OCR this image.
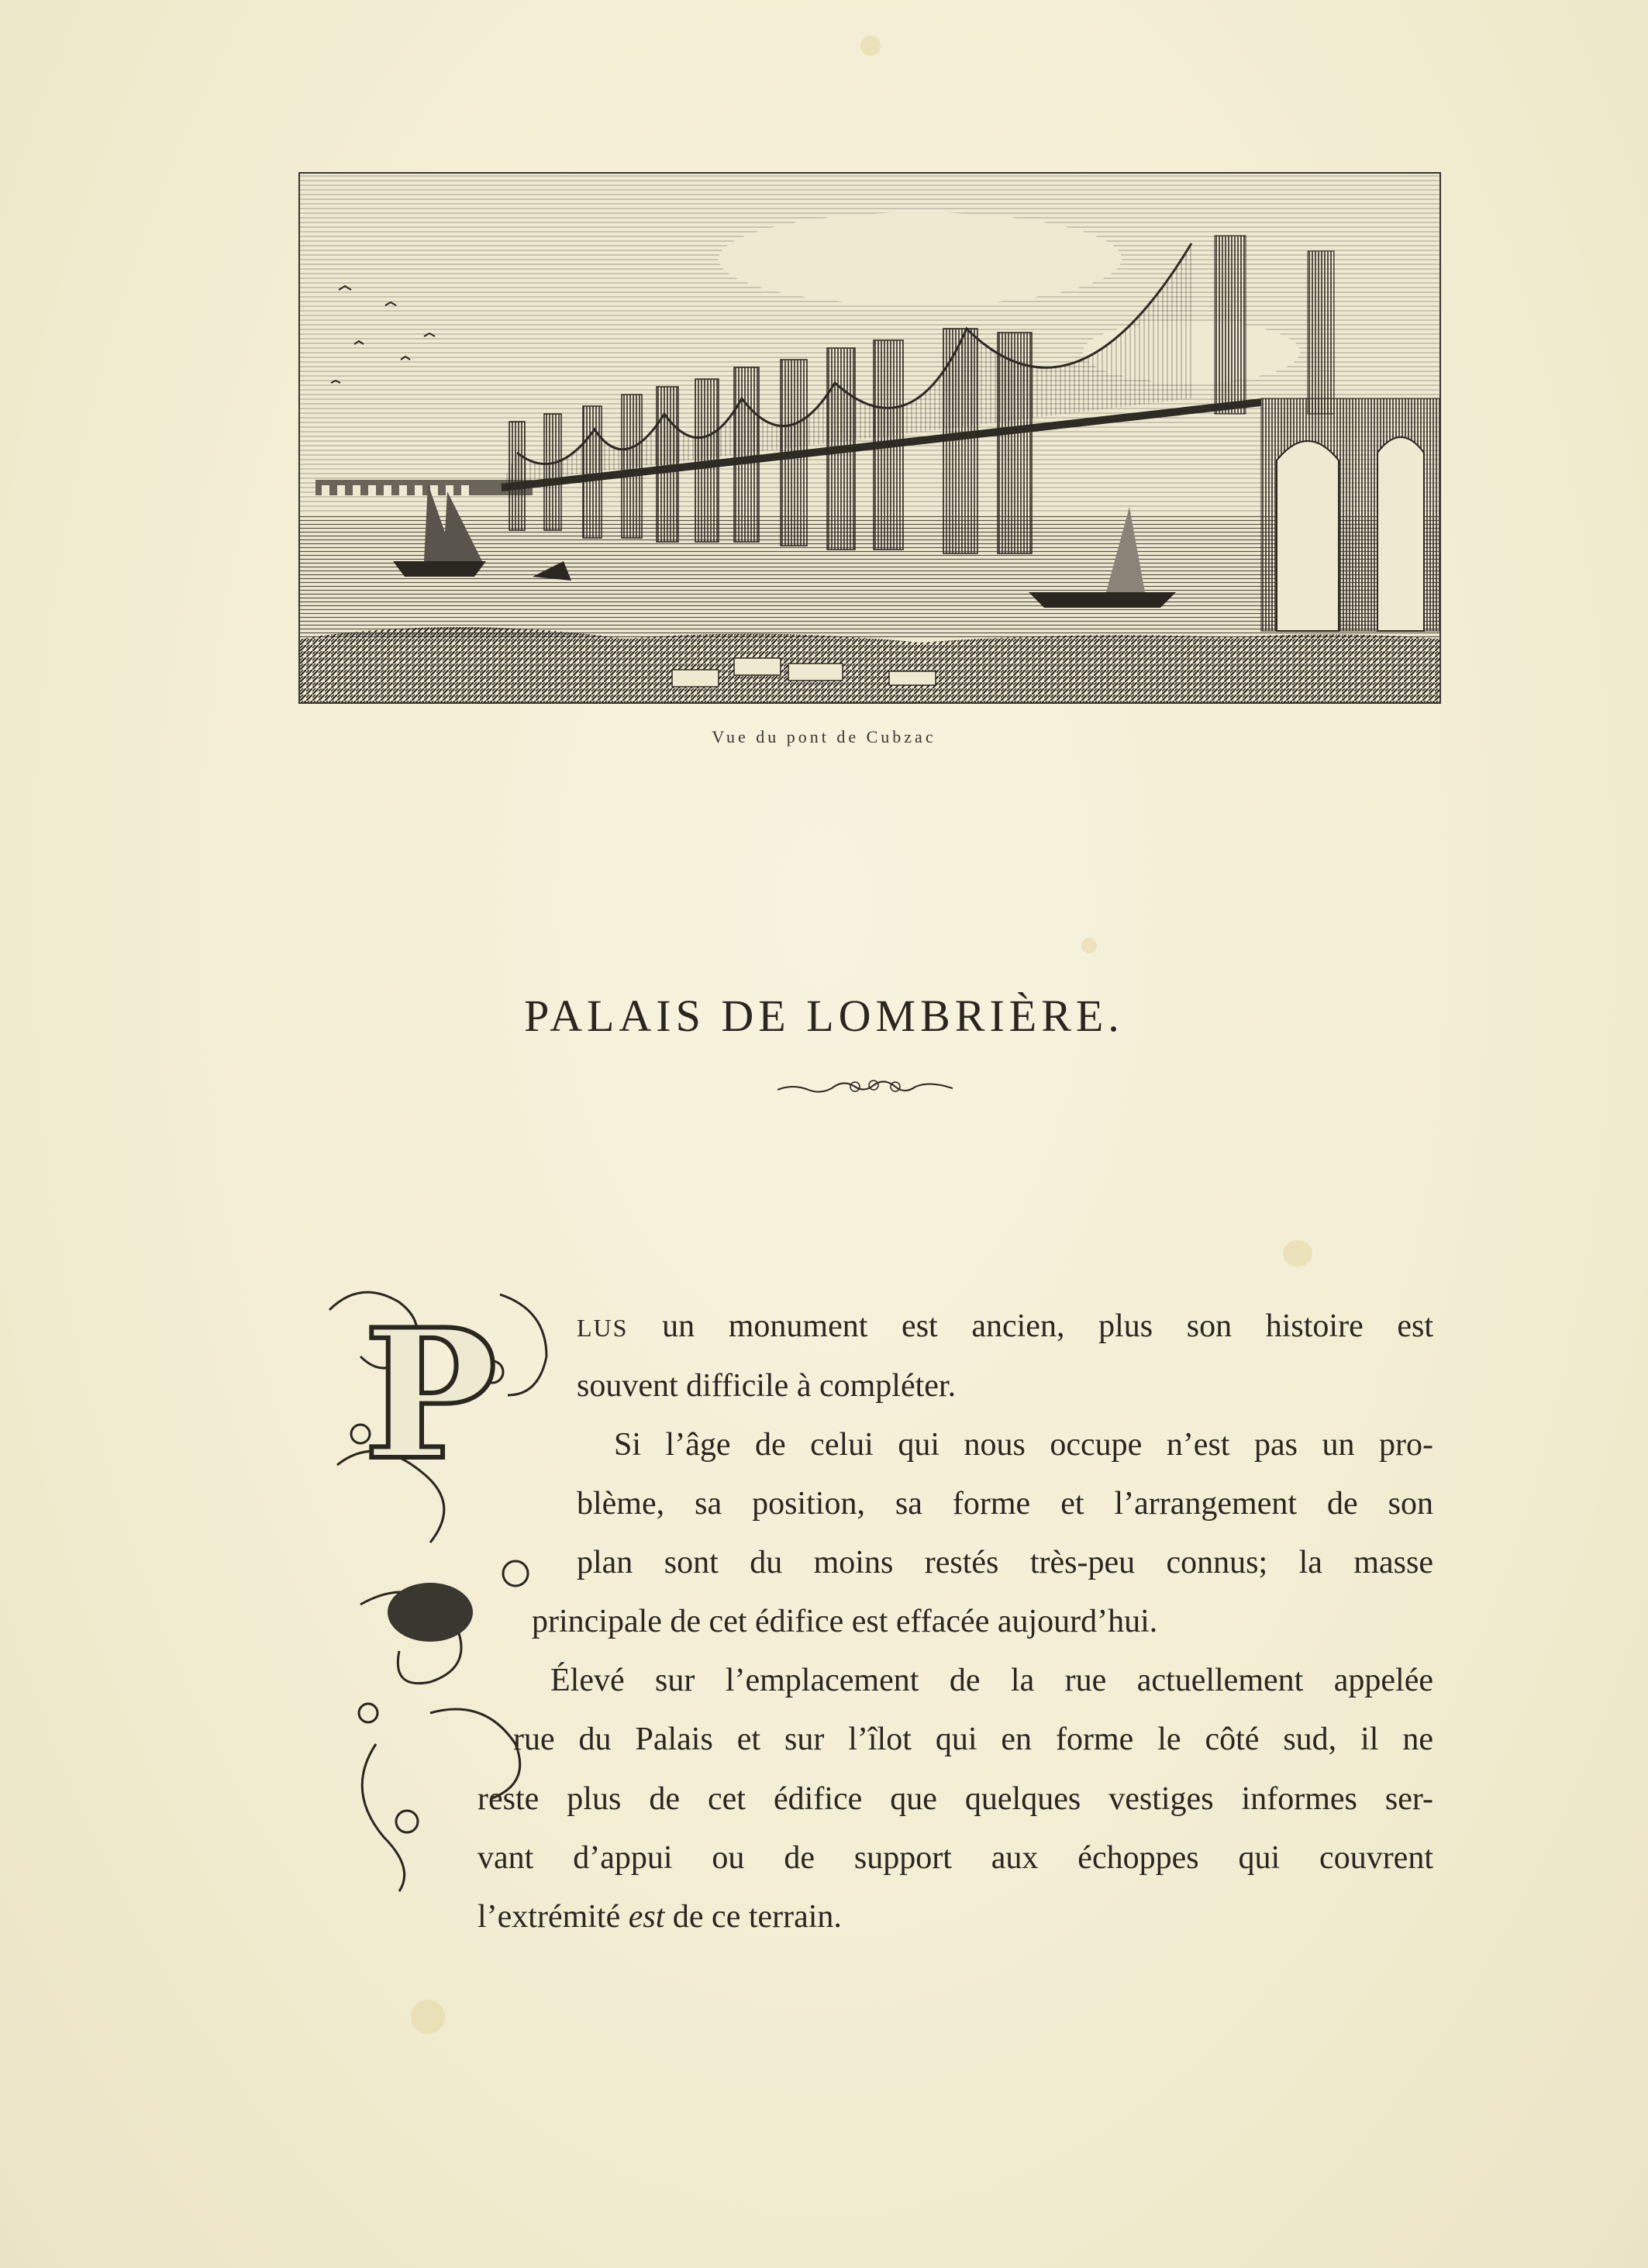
Vue du pont de Cubzac
PALAIS DE LOMBRIÈRE.
P	LUS un monument est ancien, plus son histoire est
souvent difficile à compléter.
Si l’âge de celui qui nous occupe n’est pas un pro-
blème, sa position, sa forme et l’arrangement de son
plan sont du moins restés très-peu connus; la masse
principale de cet édifice est effacée aujourd’hui.
Élevé sur l’emplacement de la rue actuellement appelée
rue du Palais et sur l’îlot qui en forme le côté sud, il ne
reste plus de cet édifice que quelques vestiges informes ser-
vant d’appui ou de support aux échoppes qui couvrent
l’extrémité est de ce terrain.
